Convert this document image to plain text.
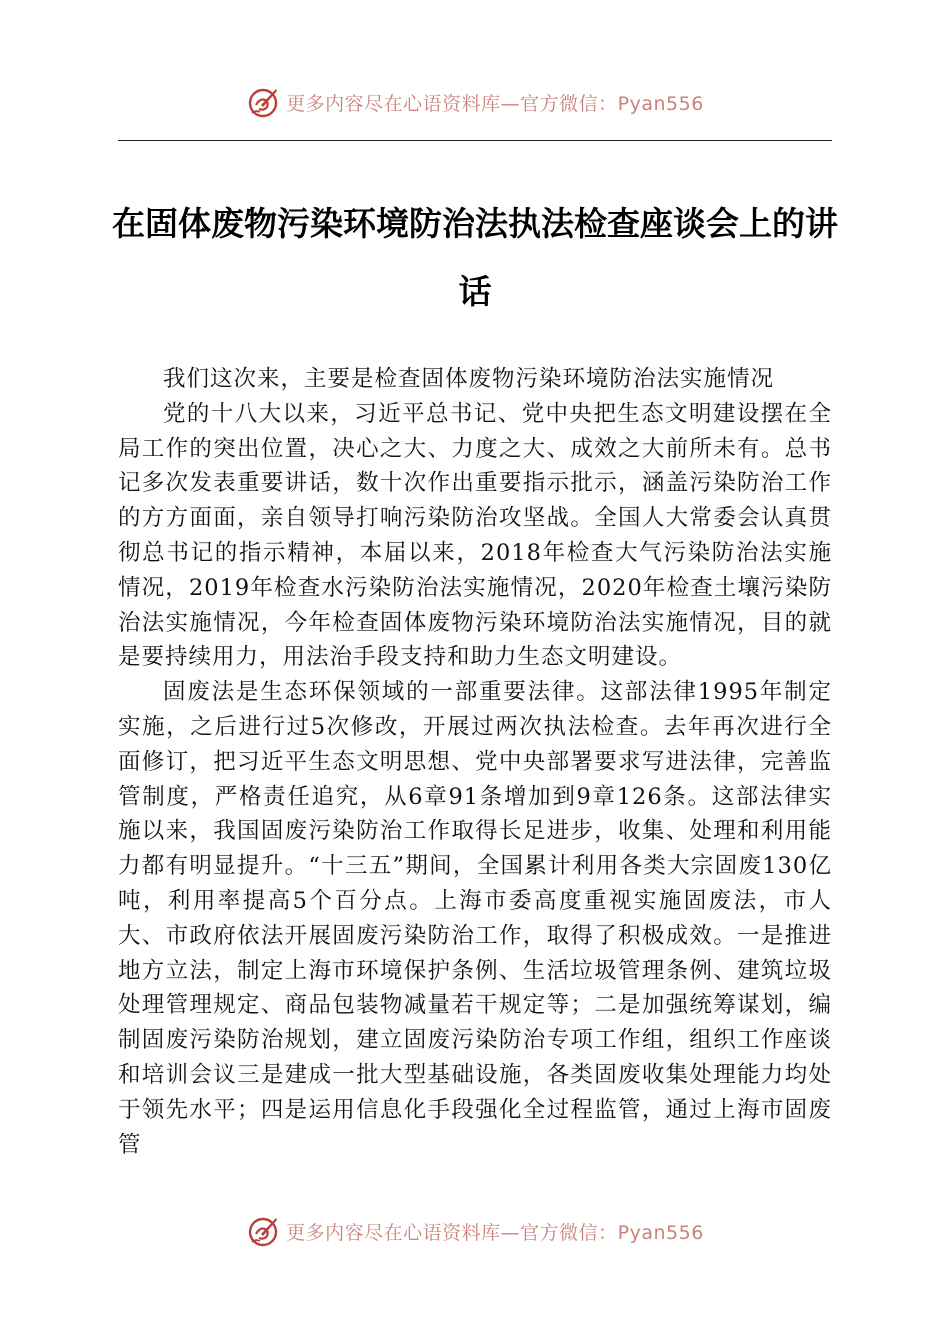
更多内容尽在心语资料库—官方微信：Pyan556
在固体废物污染环境防治法执法检查座谈会上的讲话

我们这次来，主要是检查固体废物污染环境防治法实施情况

党的十八大以来，习近平总书记、党中央把生态文明建设摆在全局工作的突出位置，决心之大、力度之大、成效之大前所未有。总书记多次发表重要讲话，数十次作出重要指示批示，涵盖污染防治工作的方方面面，亲自领导打响污染防治攻坚战。全国人大常委会认真贯彻总书记的指示精神，本届以来，2018年检查大气污染防治法实施情况，2019年检查水污染防治法实施情况，2020年检查土壤污染防治法实施情况，今年检查固体废物污染环境防治法实施情况，目的就是要持续用力，用法治手段支持和助力生态文明建设。

固废法是生态环保领域的一部重要法律。这部法律1995年制定实施，之后进行过5次修改，开展过两次执法检查。去年再次进行全面修订，把习近平生态文明思想、党中央部署要求写进法律，完善监管制度，严格责任追究，从6章91条增加到9章126条。这部法律实施以来，我国固废污染防治工作取得长足进步，收集、处理和利用能力都有明显提升。“十三五”期间，全国累计利用各类大宗固废130亿吨，利用率提高5个百分点。上海市委高度重视实施固废法，市人大、市政府依法开展固废污染防治工作，取得了积极成效。一是推进地方立法，制定上海市环境保护条例、生活垃圾管理条例、建筑垃圾处理管理规定、商品包装物减量若干规定等；二是加强统筹谋划，编制固废污染防治规划，建立固废污染防治专项工作组，组织工作座谈和培训会议三是建成一批大型基础设施，各类固废收集处理能力均处于领先水平；四是运用信息化手段强化全过程监管，通过上海市固废管

更多内容尽在心语资料库—官方微信：Pyan556
